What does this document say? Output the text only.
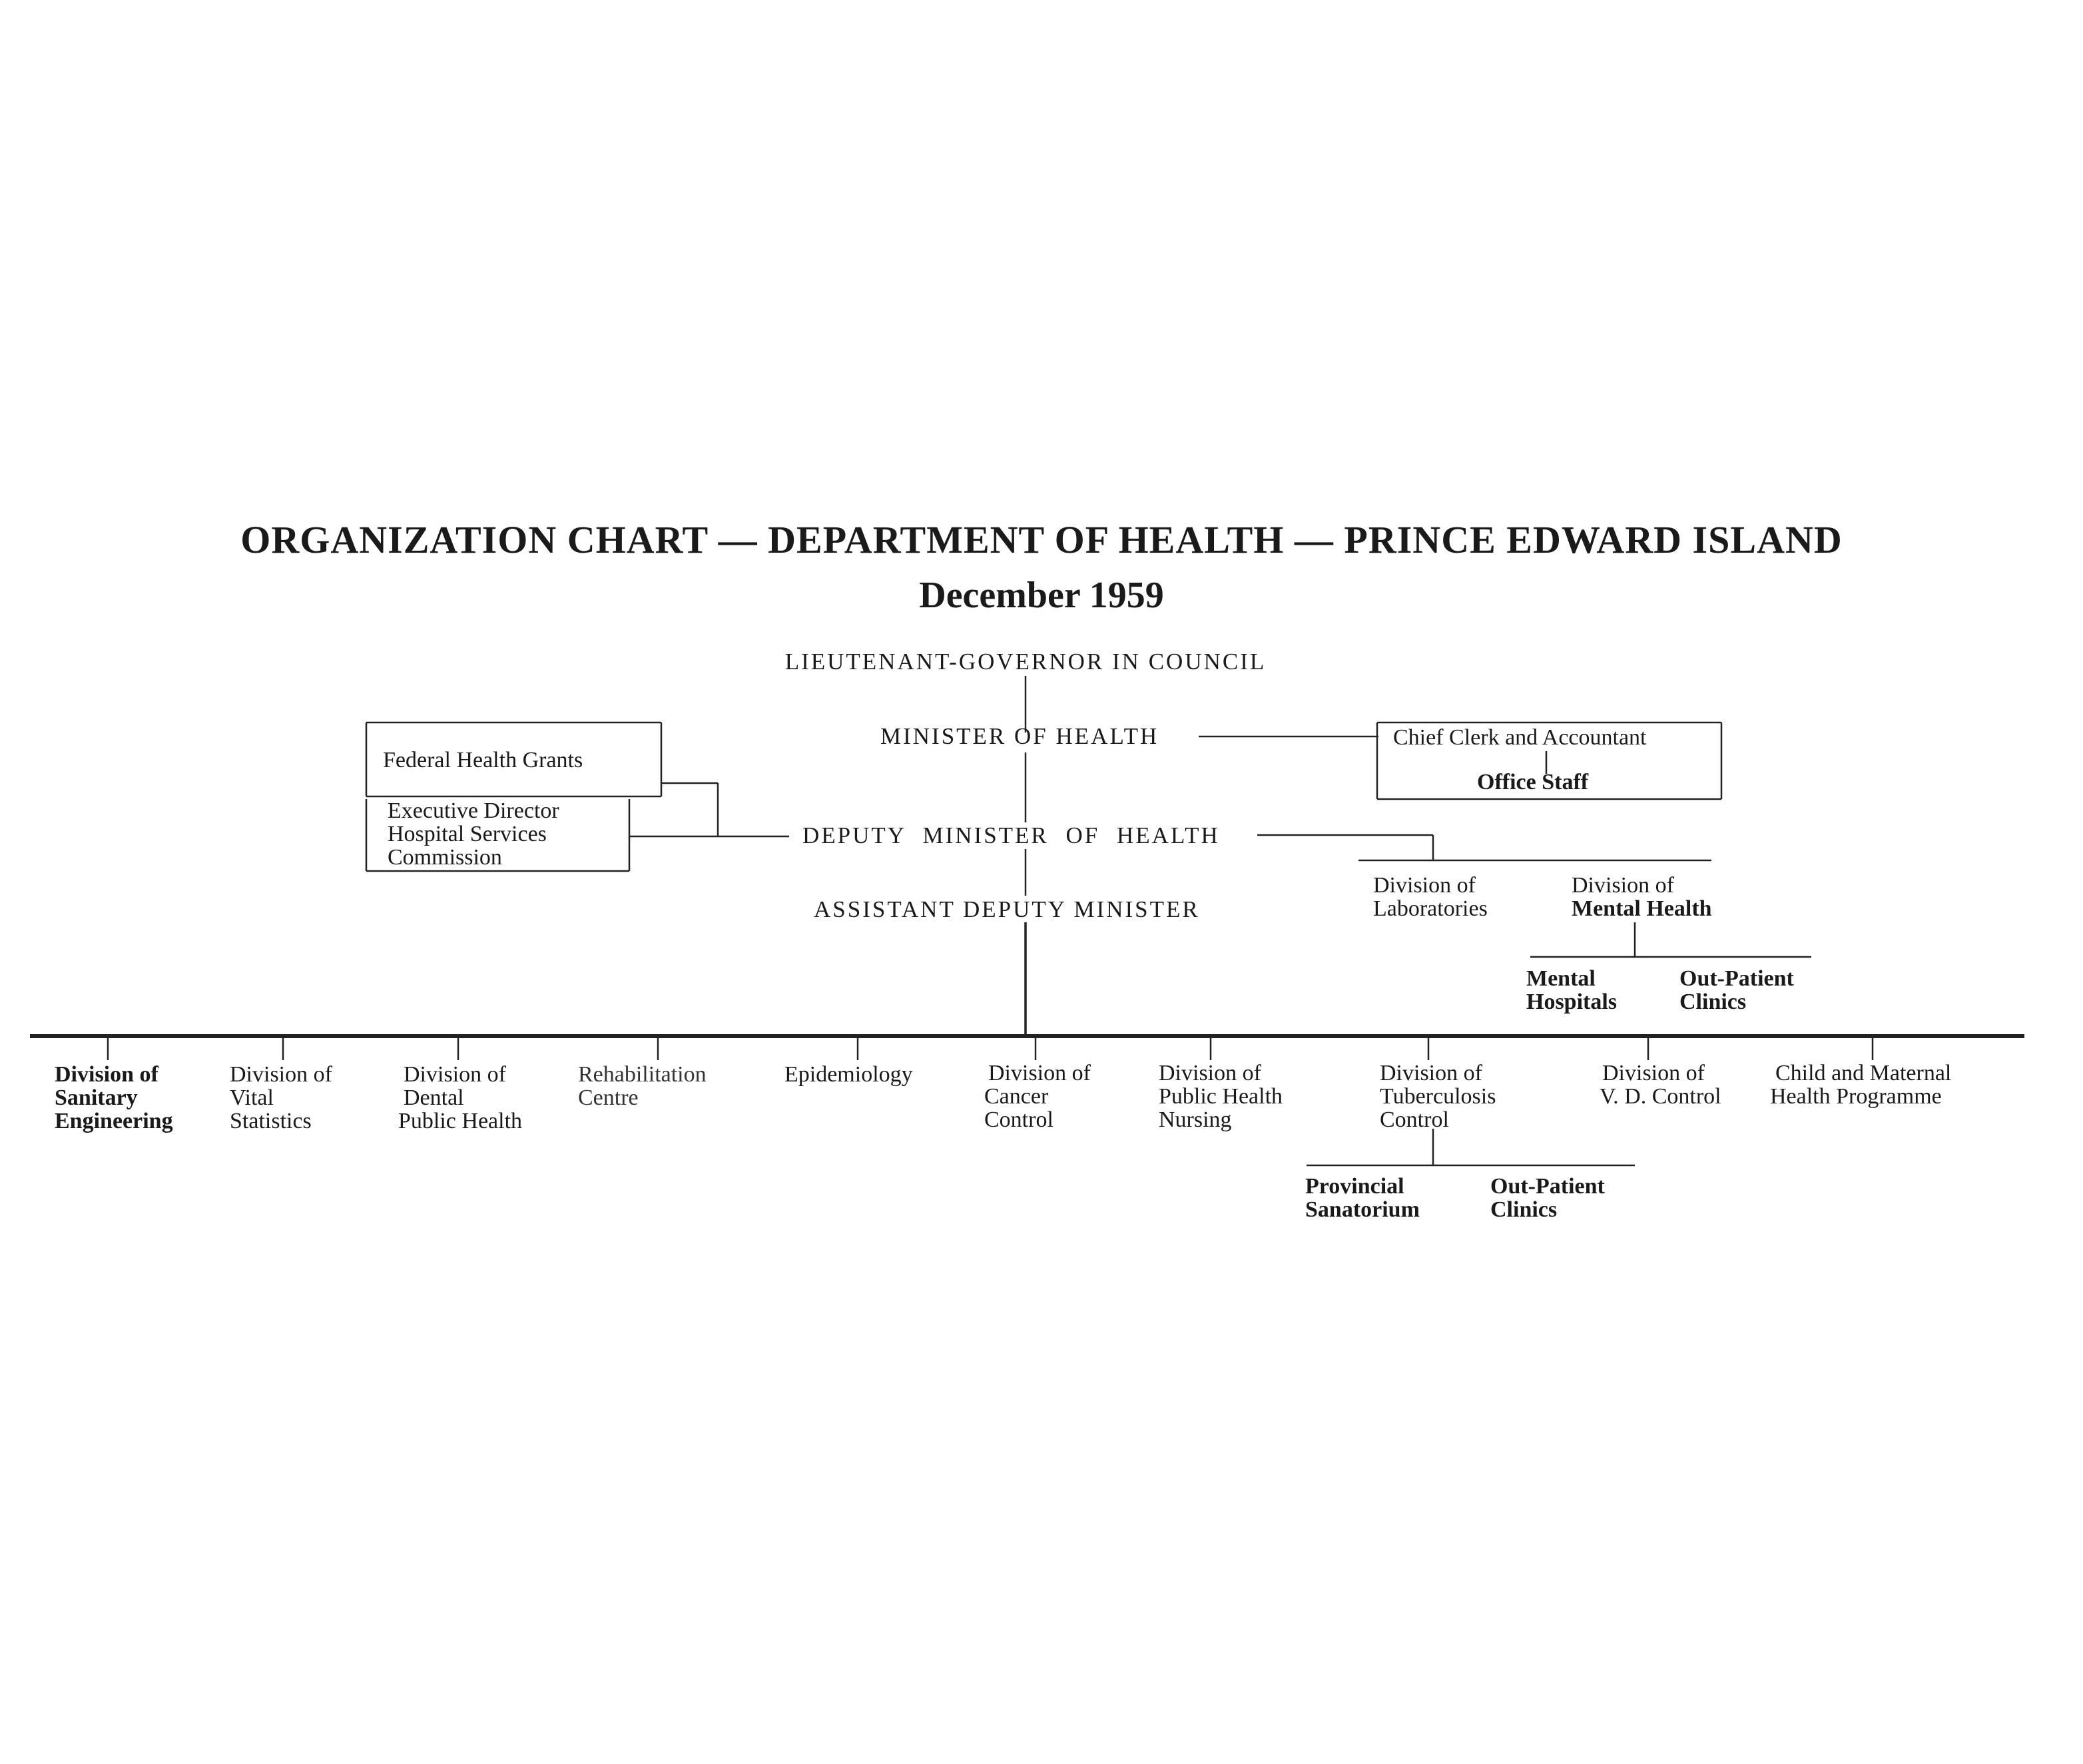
ORGANIZATION CHART — DEPARTMENT OF HEALTH — PRINCE EDWARD ISLAND
December 1959
LIEUTENANT-GOVERNOR IN COUNCIL
MINISTER OF HEALTH
DEPUTY MINISTER OF HEALTH
ASSISTANT DEPUTY MINISTER
Federal Health Grants
Executive Director
Hospital Services
Commission
Chief Clerk and Accountant
Office Staff
Division of
Laboratories
Division of
Mental Health
Mental
Hospitals
Out-Patient
Clinics
Division of
Sanitary
Engineering
Division of
Vital
Statistics
Division of
Dental
Public Health
Rehabilitation
Centre
Epidemiology	Division of
Cancer
Control
Division of
Public Health
Nursing
Division of
Tuberculosis
Control
Division of
V. D. Control
Child and Maternal
Health Programme
Provincial
Sanatorium
Out-Patient
Clinics
